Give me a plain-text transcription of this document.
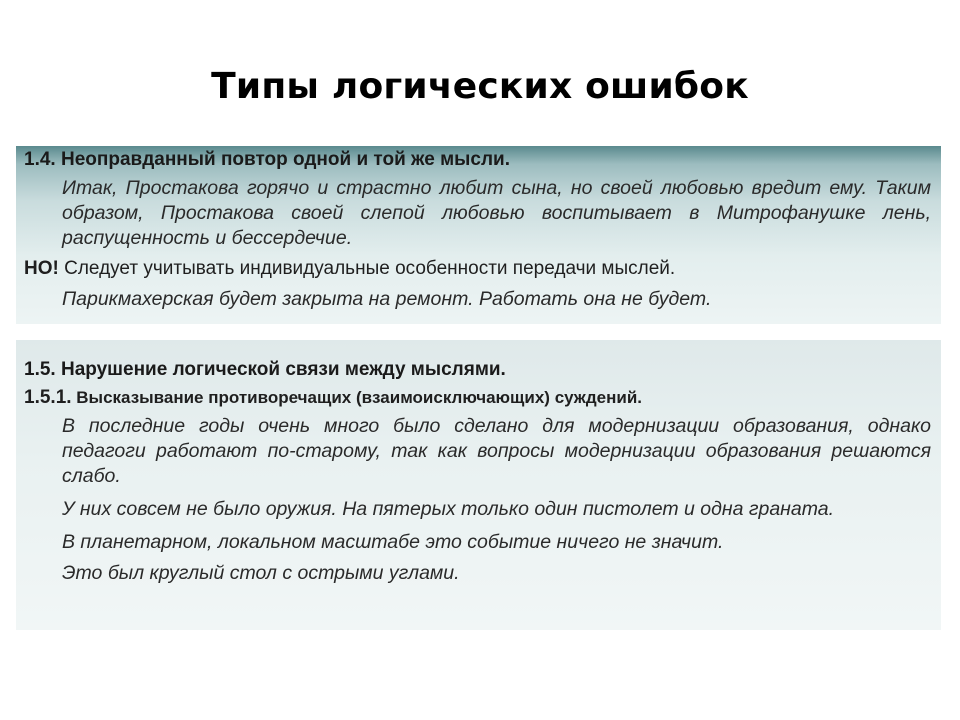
Типы логических ошибок
1.4. Неоправданный повтор одной и той же мысли.
Итак, Простакова горячо и страстно любит сына, но своей любовью вредит ему. Таким образом, Простакова своей слепой любовью воспитывает в Митрофанушке лень, распущенность и бессердечие.
НО! Следует учитывать индивидуальные особенности передачи мыслей.
Парикмахерская будет закрыта на ремонт. Работать она не будет.
1.5. Нарушение логической связи между мыслями.
1.5.1. Высказывание противоречащих (взаимоисключающих) суждений.
В последние годы очень много было сделано для модернизации образования, однако педагоги работают по-старому, так как вопросы модернизации образования решаются слабо.
У них совсем не было оружия. На пятерых только один пистолет и одна граната.
В планетарном, локальном масштабе это событие ничего не значит.
Это был круглый стол с острыми углами.
